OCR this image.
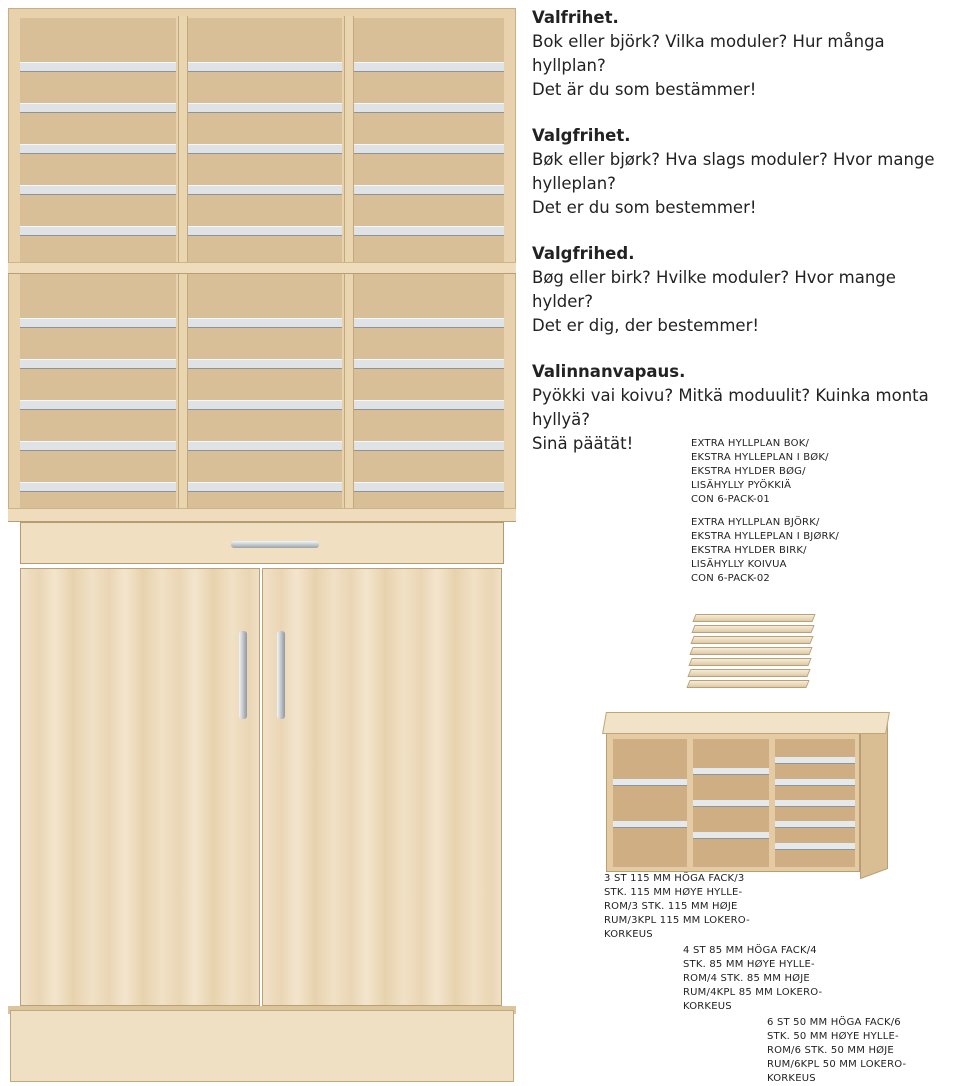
Valfrihet.
Bok eller björk? Vilka moduler? Hur många hyllplan?
Det är du som bestämmer!

Valgfrihet.
Bøk eller bjørk? Hva slags moduler? Hvor mange hylleplan?
Det er du som bestemmer!

Valgfrihed.
Bøg eller birk? Hvilke moduler? Hvor mange hylder?
Det er dig, der bestemmer!

Valinnanvapaus.
Pyökki vai koivu? Mitkä moduulit? Kuinka monta hyllyä?
Sinä päätät!	EXTRA HYLLPLAN BOK/
EKSTRA HYLLEPLAN I BØK/
EKSTRA HYLDER BØG/
LISÄHYLLY PYÖKKIÄ
CON 6-PACK-01
EXTRA HYLLPLAN BJÖRK/
EKSTRA HYLLEPLAN I BJØRK/
EKSTRA HYLDER BIRK/
LISÄHYLLY KOIVUA
CON 6-PACK-02
3 ST 115 MM HÖGA FACK/3
STK. 115 MM HØYE HYLLE-
ROM/3 STK. 115 MM HØJE
RUM/3KPL 115 MM LOKERO-
KORKEUS
4 ST 85 MM HÖGA FACK/4
STK. 85 MM HØYE HYLLE-
ROM/4 STK. 85 MM HØJE
RUM/4KPL 85 MM LOKERO-
KORKEUS
6 ST 50 MM HÖGA FACK/6
STK. 50 MM HØYE HYLLE-
ROM/6 STK. 50 MM HØJE
RUM/6KPL 50 MM LOKERO-
KORKEUS
